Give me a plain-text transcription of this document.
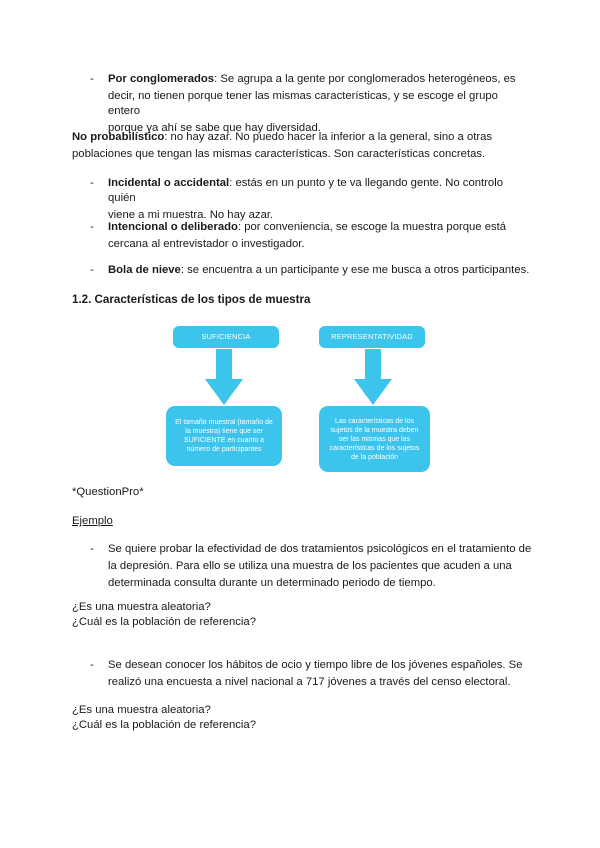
- Por conglomerados: Se agrupa a la gente por conglomerados heterogéneos, es
decir, no tienen porque tener las mismas características, y se escoge el grupo entero
porque ya ahí se sabe que hay diversidad.
No probabilístico: no hay azar. No puedo hacer la inferior a la general, sino a otras
poblaciones que tengan las mismas características. Son características concretas.
- Incidental o accidental: estás en un punto y te va llegando gente. No controlo quién
viene a mi muestra. No hay azar.
- Intencional o deliberado: por conveniencia, se escoge la muestra porque está
cercana al entrevistador o investigador.
- Bola de nieve: se encuentra a un participante y ese me busca a otros participantes.
1.2. Características de los tipos de muestra
SUFICIENCIA
El tamaño muestral (tamaño de la muestra) tiene que ser SUFICIENTE en cuanto a número de participantes
REPRESENTATIVIDAD
Las características de los sujetos de la muestra deben ser las mismas que las características de los sujetos de la población
*QuestionPro*
Ejemplo
- Se quiere probar la efectividad de dos tratamientos psicológicos en el tratamiento de
la depresión. Para ello se utiliza una muestra de los pacientes que acuden a una
determinada consulta durante un determinado periodo de tiempo.
¿Es una muestra aleatoria?
¿Cuál es la población de referencia?
- Se desean conocer los hábitos de ocio y tiempo libre de los jóvenes españoles. Se
realizó una encuesta a nivel nacional a 717 jóvenes a través del censo electoral.
¿Es una muestra aleatoria?
¿Cuál es la población de referencia?
